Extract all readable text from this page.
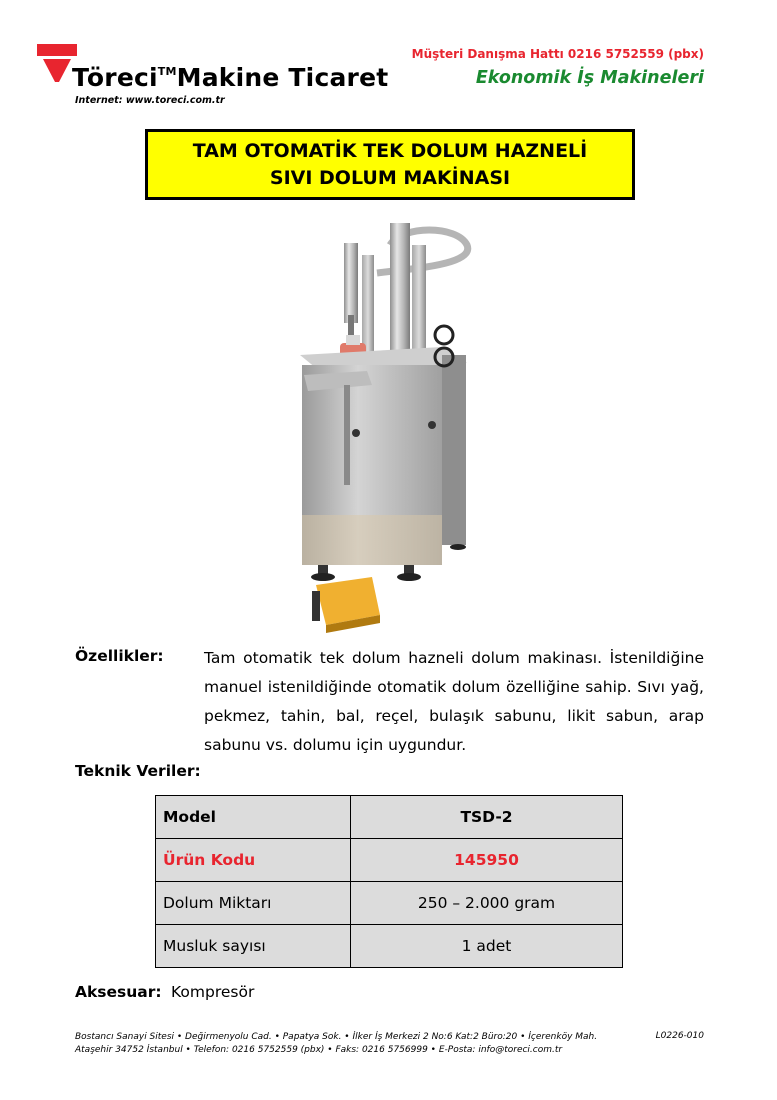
Töreci™Makine Ticaret
Internet: www.toreci.com.tr
Müşteri Danışma Hattı 0216 5752559 (pbx)
Ekonomik İş Makineleri
TAM OTOMATİK TEK DOLUM HAZNELİ
SIVI DOLUM MAKİNASI
Özellikler:	Tam otomatik tek dolum hazneli dolum makinası. İstenildiğine manuel istenildiğinde otomatik dolum özelliğine sahip. Sıvı yağ, pekmez, tahin, bal, reçel, bulaşık sabunu, likit sabun, arap sabunu vs. dolumu için uygundur.
Teknik Veriler:
Model	TSD-2
Ürün Kodu	145950
Dolum Miktarı	250 – 2.000 gram
Musluk sayısı	1 adet
Aksesuar: Kompresör
Bostancı Sanayi Sitesi • Değirmenyolu Cad. • Papatya Sok. • İlker İş Merkezi 2 No:6 Kat:2 Büro:20 • İçerenköy Mah.
Ataşehir 34752 İstanbul • Telefon: 0216 5752559 (pbx) • Faks: 0216 5756999 • E-Posta: info@toreci.com.tr
L0226-010
